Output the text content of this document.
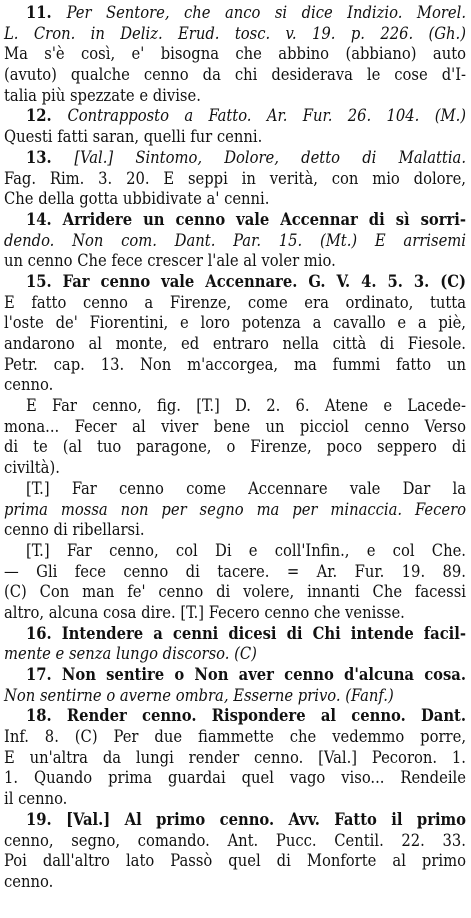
11. Per Sentore, che anco si dice Indizio. Morel.
L. Cron. in Deliz. Erud. tosc. v. 19. p. 226. (Gh.)
Ma s'è così, e' bisogna che abbino (abbiano) auto
(avuto) qualche cenno da chi desiderava le cose d'I-
talia più spezzate e divise.
12. Contrapposto a Fatto. Ar. Fur. 26. 104. (M.)
Questi fatti saran, quelli fur cenni.
13. [Val.] Sintomo, Dolore, detto di Malattia.
Fag. Rim. 3. 20. E seppi in verità, con mio dolore,
Che della gotta ubbidivate a' cenni.
14. Arridere un cenno vale Accennar di sì sorri-
dendo. Non com. Dant. Par. 15. (Mt.) E arrisemi
un cenno Che fece crescer l'ale al voler mio.
15. Far cenno vale Accennare. G. V. 4. 5. 3. (C)
E fatto cenno a Firenze, come era ordinato, tutta
l'oste de' Fiorentini, e loro potenza a cavallo e a piè,
andarono al monte, ed entraro nella città di Fiesole.
Petr. cap. 13. Non m'accorgea, ma fummi fatto un
cenno.
E Far cenno, fig. [T.] D. 2. 6. Atene e Lacede-
mona... Fecer al viver bene un picciol cenno Verso
di te (al tuo paragone, o Firenze, poco seppero di
civiltà).
[T.] Far cenno come Accennare vale Dar la
prima mossa non per segno ma per minaccia. Fecero
cenno di ribellarsi.
[T.] Far cenno, col Di e coll'Infin., e col Che.
— Gli fece cenno di tacere. = Ar. Fur. 19. 89.
(C) Con man fe' cenno di volere, innanti Che facessi
altro, alcuna cosa dire. [T.] Fecero cenno che venisse.
16. Intendere a cenni dicesi di Chi intende facil-
mente e senza lungo discorso. (C)
17. Non sentire o Non aver cenno d'alcuna cosa.
Non sentirne o averne ombra, Esserne privo. (Fanf.)
18. Render cenno. Rispondere al cenno. Dant.
Inf. 8. (C) Per due fiammette che vedemmo porre,
E un'altra da lungi render cenno. [Val.] Pecoron. 1.
1. Quando prima guardai quel vago viso... Rendeile
il cenno.
19. [Val.] Al primo cenno. Avv. Fatto il primo
cenno, segno, comando. Ant. Pucc. Centil. 22. 33.
Poi dall'altro lato Passò quel di Monforte al primo
cenno.
